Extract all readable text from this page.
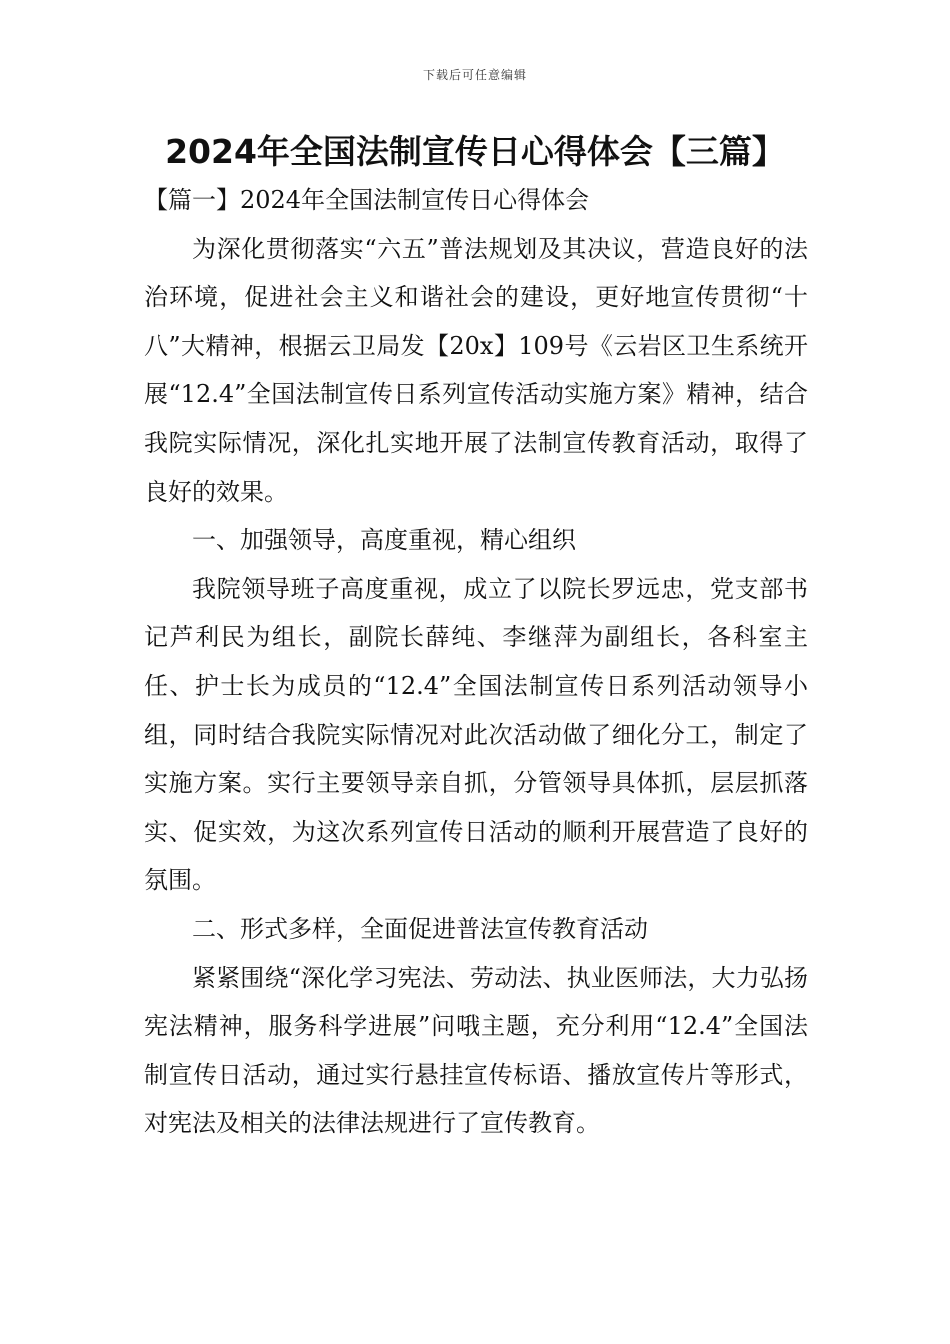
下载后可任意编辑
2024年全国法制宣传日心得体会【三篇】

【篇一】2024年全国法制宣传日心得体会

为深化贯彻落实“六五”普法规划及其决议，营造良好的法治环境，促进社会主义和谐社会的建设，更好地宣传贯彻“十八”大精神，根据云卫局发【20x】109号《云岩区卫生系统开展“12.4”全国法制宣传日系列宣传活动实施方案》精神，结合我院实际情况，深化扎实地开展了法制宣传教育活动，取得了良好的效果。

一、加强领导，高度重视，精心组织

我院领导班子高度重视，成立了以院长罗远忠，党支部书记芦利民为组长，副院长薛纯、李继萍为副组长，各科室主任、护士长为成员的“12.4”全国法制宣传日系列活动领导小组，同时结合我院实际情况对此次活动做了细化分工，制定了实施方案。实行主要领导亲自抓，分管领导具体抓，层层抓落实、促实效，为这次系列宣传日活动的顺利开展营造了良好的氛围。

二、形式多样，全面促进普法宣传教育活动

紧紧围绕“深化学习宪法、劳动法、执业医师法，大力弘扬宪法精神，服务科学进展”问哦主题，充分利用“12.4”全国法制宣传日活动，通过实行悬挂宣传标语、播放宣传片等形式，对宪法及相关的法律法规进行了宣传教育。
